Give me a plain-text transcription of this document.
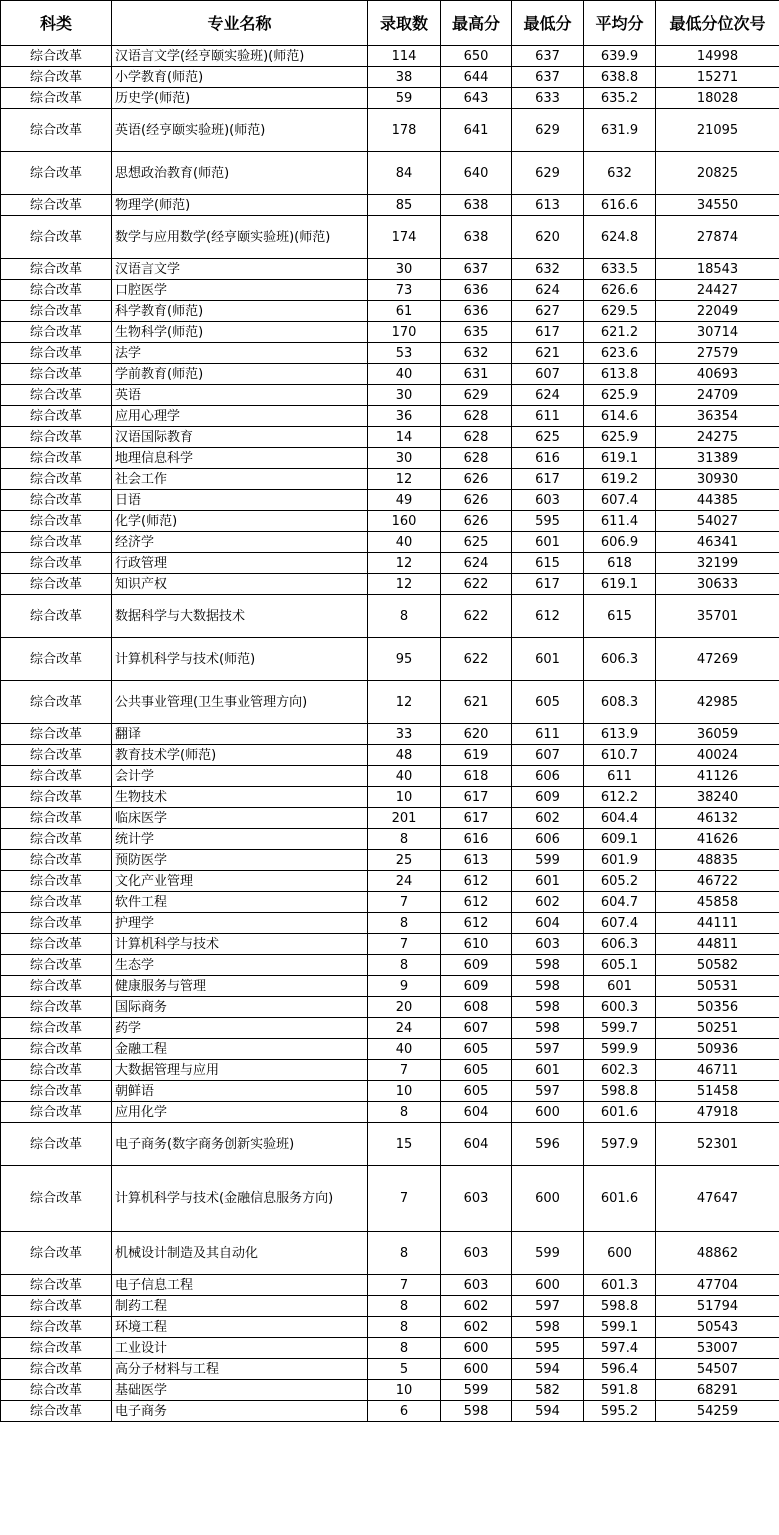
科类	专业名称	录取数	最高分	最低分	平均分	最低分位次号
综合改革	汉语言文学(经亨颐实验班)(师范)	114	650	637	639.9	14998
综合改革	小学教育(师范)	38	644	637	638.8	15271
综合改革	历史学(师范)	59	643	633	635.2	18028
综合改革	英语(经亨颐实验班)(师范)	178	641	629	631.9	21095
综合改革	思想政治教育(师范)	84	640	629	632	20825
综合改革	物理学(师范)	85	638	613	616.6	34550
综合改革	数学与应用数学(经亨颐实验班)(师范)	174	638	620	624.8	27874
综合改革	汉语言文学	30	637	632	633.5	18543
综合改革	口腔医学	73	636	624	626.6	24427
综合改革	科学教育(师范)	61	636	627	629.5	22049
综合改革	生物科学(师范)	170	635	617	621.2	30714
综合改革	法学	53	632	621	623.6	27579
综合改革	学前教育(师范)	40	631	607	613.8	40693
综合改革	英语	30	629	624	625.9	24709
综合改革	应用心理学	36	628	611	614.6	36354
综合改革	汉语国际教育	14	628	625	625.9	24275
综合改革	地理信息科学	30	628	616	619.1	31389
综合改革	社会工作	12	626	617	619.2	30930
综合改革	日语	49	626	603	607.4	44385
综合改革	化学(师范)	160	626	595	611.4	54027
综合改革	经济学	40	625	601	606.9	46341
综合改革	行政管理	12	624	615	618	32199
综合改革	知识产权	12	622	617	619.1	30633
综合改革	数据科学与大数据技术	8	622	612	615	35701
综合改革	计算机科学与技术(师范)	95	622	601	606.3	47269
综合改革	公共事业管理(卫生事业管理方向)	12	621	605	608.3	42985
综合改革	翻译	33	620	611	613.9	36059
综合改革	教育技术学(师范)	48	619	607	610.7	40024
综合改革	会计学	40	618	606	611	41126
综合改革	生物技术	10	617	609	612.2	38240
综合改革	临床医学	201	617	602	604.4	46132
综合改革	统计学	8	616	606	609.1	41626
综合改革	预防医学	25	613	599	601.9	48835
综合改革	文化产业管理	24	612	601	605.2	46722
综合改革	软件工程	7	612	602	604.7	45858
综合改革	护理学	8	612	604	607.4	44111
综合改革	计算机科学与技术	7	610	603	606.3	44811
综合改革	生态学	8	609	598	605.1	50582
综合改革	健康服务与管理	9	609	598	601	50531
综合改革	国际商务	20	608	598	600.3	50356
综合改革	药学	24	607	598	599.7	50251
综合改革	金融工程	40	605	597	599.9	50936
综合改革	大数据管理与应用	7	605	601	602.3	46711
综合改革	朝鲜语	10	605	597	598.8	51458
综合改革	应用化学	8	604	600	601.6	47918
综合改革	电子商务(数字商务创新实验班)	15	604	596	597.9	52301
综合改革	计算机科学与技术(金融信息服务方向)	7	603	600	601.6	47647
综合改革	机械设计制造及其自动化	8	603	599	600	48862
综合改革	电子信息工程	7	603	600	601.3	47704
综合改革	制药工程	8	602	597	598.8	51794
综合改革	环境工程	8	602	598	599.1	50543
综合改革	工业设计	8	600	595	597.4	53007
综合改革	高分子材料与工程	5	600	594	596.4	54507
综合改革	基础医学	10	599	582	591.8	68291
综合改革	电子商务	6	598	594	595.2	54259
